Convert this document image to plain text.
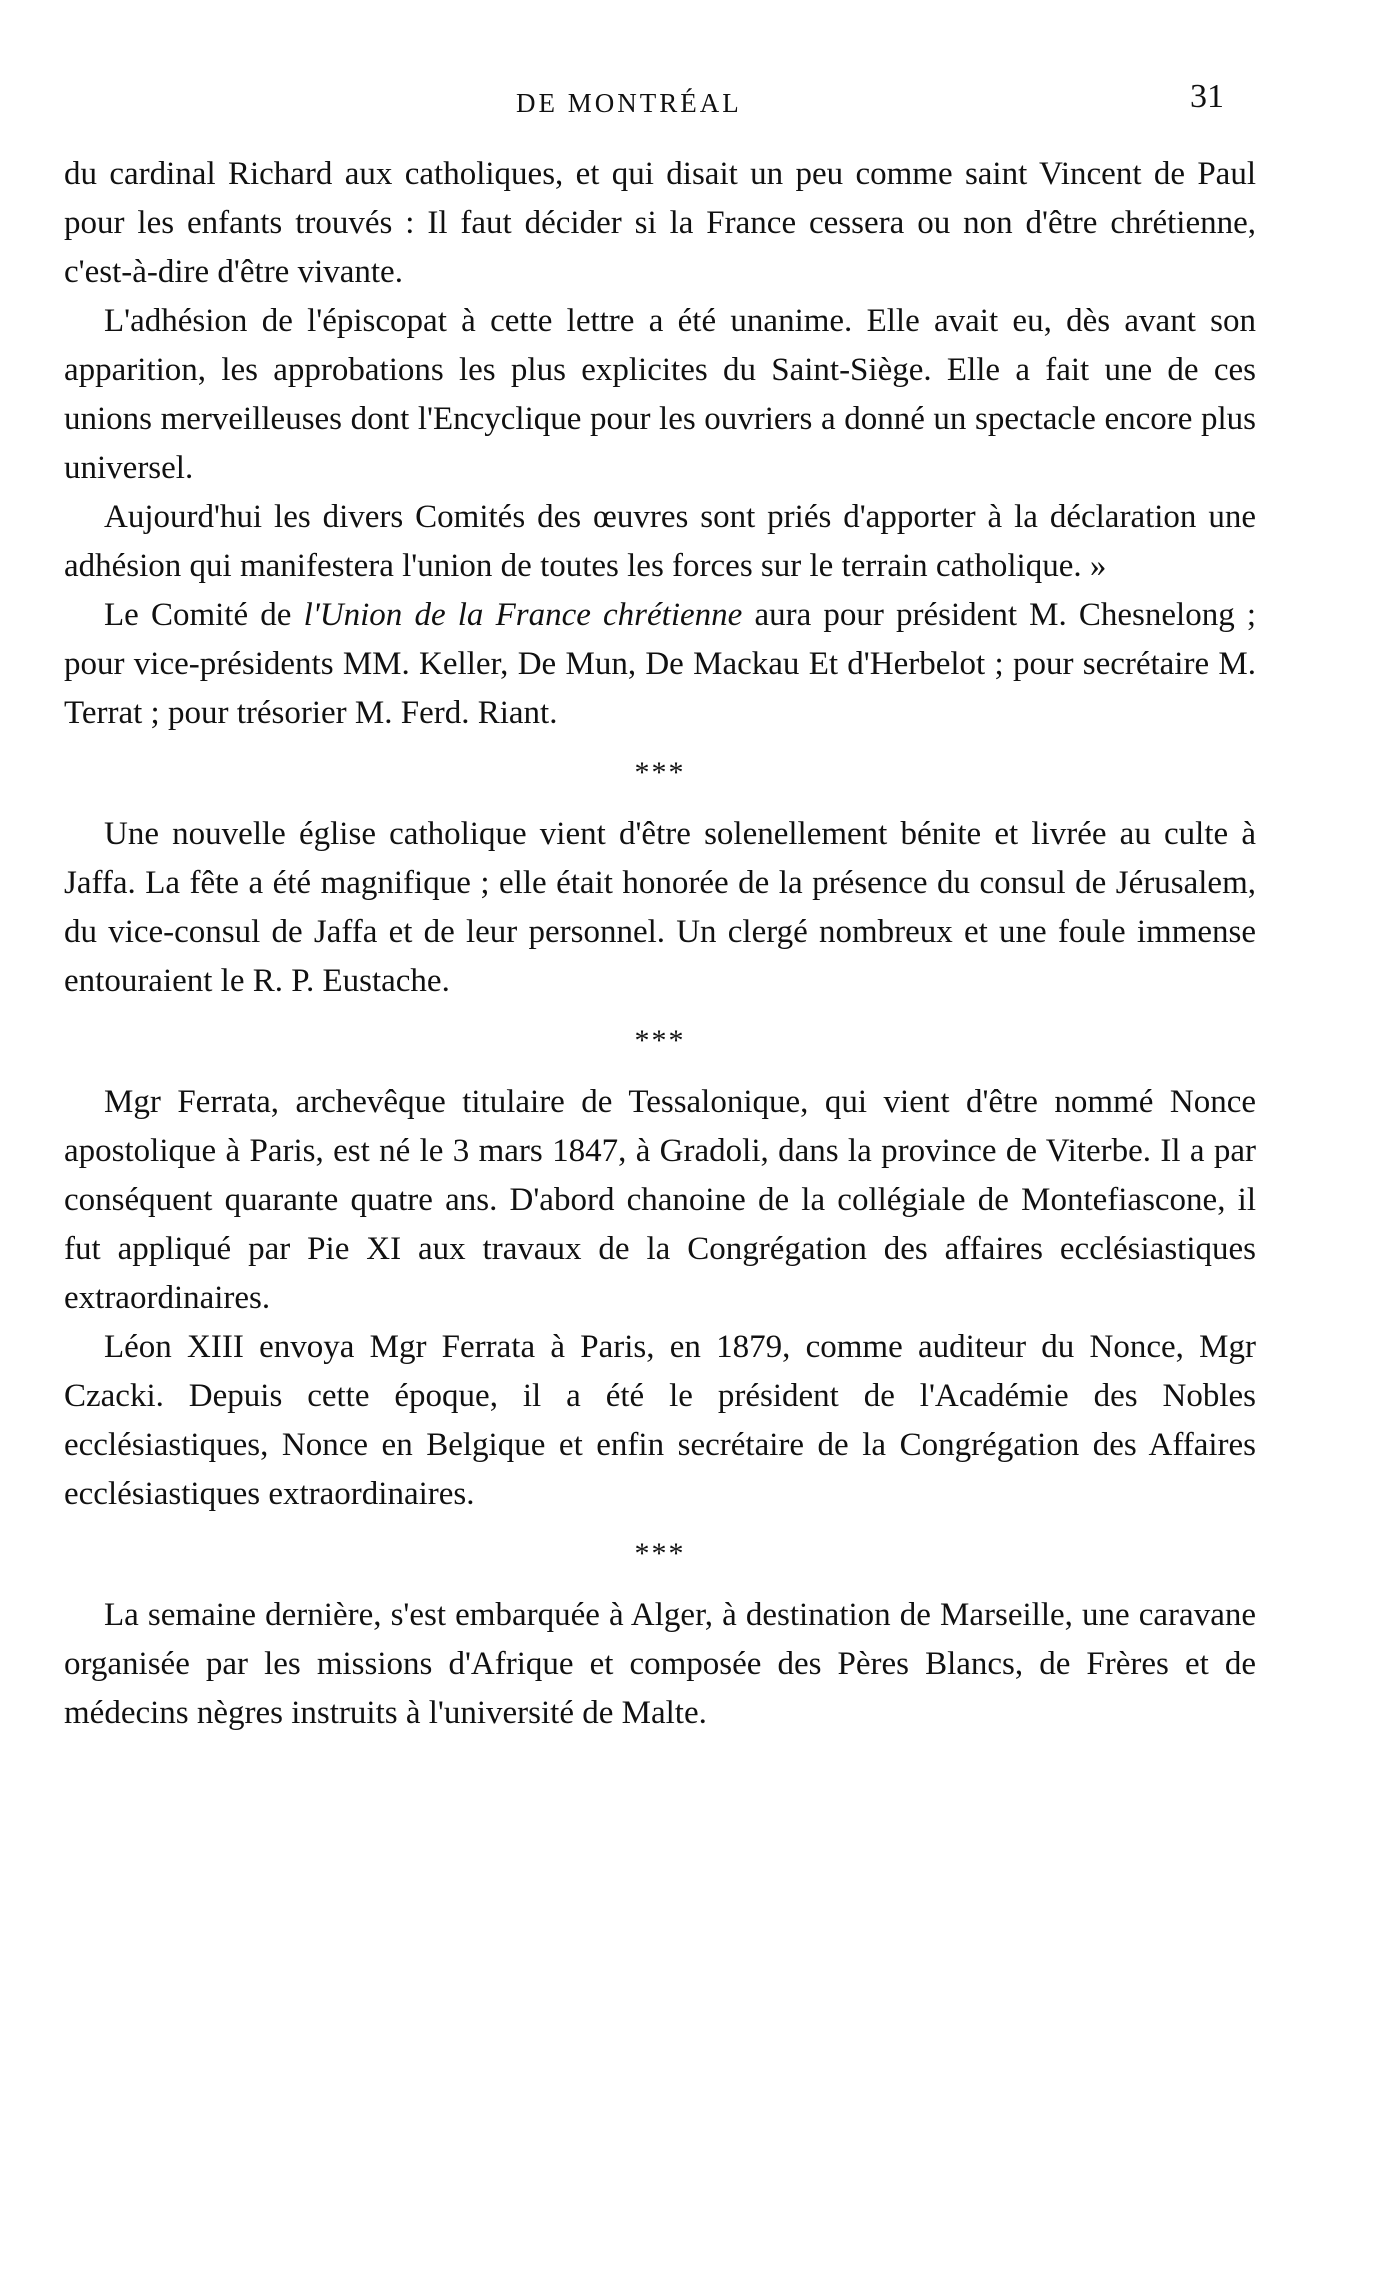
DE MONTRÉAL	31

du cardinal Richard aux catholiques, et qui disait un peu comme saint Vincent de Paul pour les enfants trouvés : Il faut décider si la France cessera ou non d'être chrétienne, c'est-à-dire d'être vivante.

L'adhésion de l'épiscopat à cette lettre a été unanime. Elle avait eu, dès avant son apparition, les approbations les plus explicites du Saint-Siège. Elle a fait une de ces unions merveilleuses dont l'Encyclique pour les ouvriers a donné un spectacle encore plus universel.

Aujourd'hui les divers Comités des œuvres sont priés d'apporter à la déclaration une adhésion qui manifestera l'union de toutes les forces sur le terrain catholique. »

Le Comité de l'Union de la France chrétienne aura pour président M. Chesnelong ; pour vice-présidents MM. Keller, De Mun, De Mackau Et d'Herbelot ; pour secrétaire M. Terrat ; pour trésorier M. Ferd. Riant.

***

Une nouvelle église catholique vient d'être solenellement bénite et livrée au culte à Jaffa. La fête a été magnifique ; elle était honorée de la présence du consul de Jérusalem, du vice-consul de Jaffa et de leur personnel. Un clergé nombreux et une foule immense entouraient le R. P. Eustache.

***

Mgr Ferrata, archevêque titulaire de Tessalonique, qui vient d'être nommé Nonce apostolique à Paris, est né le 3 mars 1847, à Gradoli, dans la province de Viterbe. Il a par conséquent quarante quatre ans. D'abord chanoine de la collégiale de Montefiascone, il fut appliqué par Pie XI aux travaux de la Congrégation des affaires ecclésiastiques extraordinaires.

Léon XIII envoya Mgr Ferrata à Paris, en 1879, comme auditeur du Nonce, Mgr Czacki. Depuis cette époque, il a été le président de l'Académie des Nobles ecclésiastiques, Nonce en Belgique et enfin secrétaire de la Congrégation des Affaires ecclésiastiques extraordinaires.

***

La semaine dernière, s'est embarquée à Alger, à destination de Marseille, une caravane organisée par les missions d'Afrique et composée des Pères Blancs, de Frères et de médecins nègres instruits à l'université de Malte.
